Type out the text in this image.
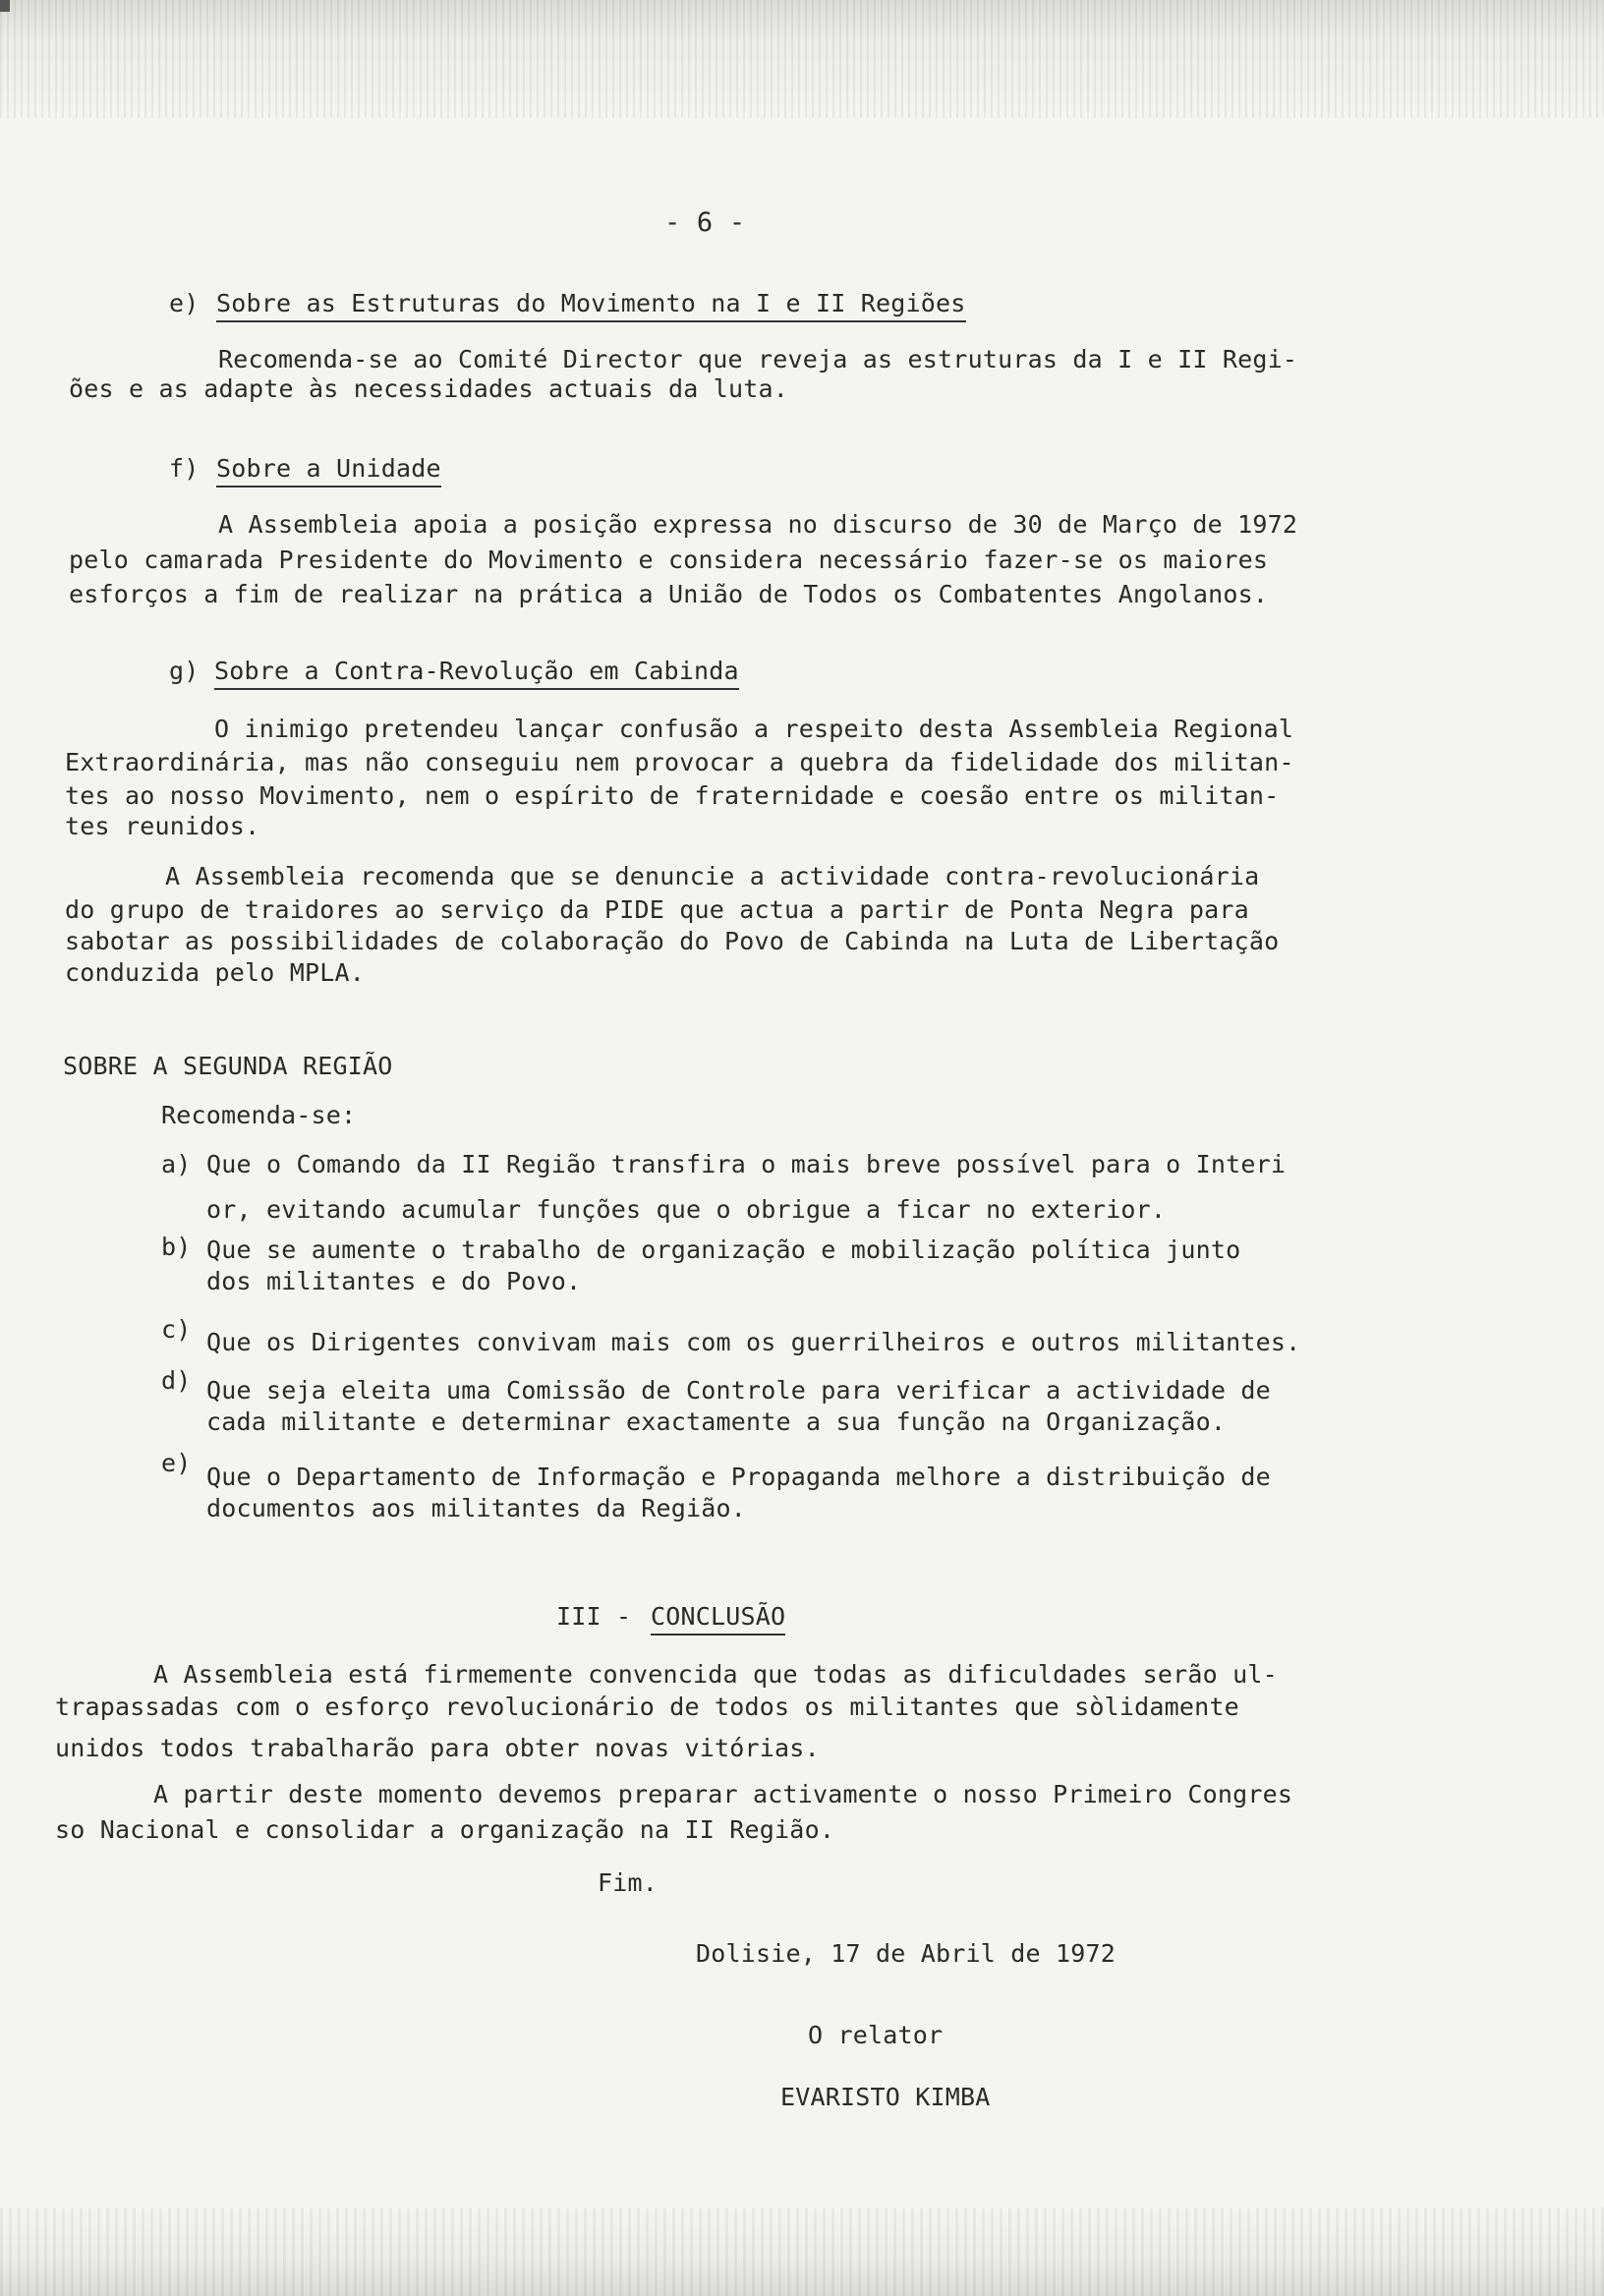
- 6 -
e) Sobre as Estruturas do Movimento na I e II Regiões
Recomenda-se ao Comité Director que reveja as estruturas da I e II Regi-
ões e as adapte às necessidades actuais da luta.
f) Sobre a Unidade
A Assembleia apoia a posição expressa no discurso de 30 de Março de 1972
pelo camarada Presidente do Movimento e considera necessário fazer-se os maiores
esforços a fim de realizar na prática a União de Todos os Combatentes Angolanos.
g) Sobre a Contra-Revolução em Cabinda
O inimigo pretendeu lançar confusão a respeito desta Assembleia Regional
Extraordinária, mas não conseguiu nem provocar a quebra da fidelidade dos militan-
tes ao nosso Movimento, nem o espírito de fraternidade e coesão entre os militan-
tes reunidos.
A Assembleia recomenda que se denuncie a actividade contra-revolucionária
do grupo de traidores ao serviço da PIDE que actua a partir de Ponta Negra para
sabotar as possibilidades de colaboração do Povo de Cabinda na Luta de Libertação
conduzida pelo MPLA.
SOBRE A SEGUNDA REGIÃO
Recomenda-se:
a) Que o Comando da II Região transfira o mais breve possível para o Interi
or, evitando acumular funções que o obrigue a ficar no exterior.
b) Que se aumente o trabalho de organização e mobilização política junto
dos militantes e do Povo.
c) Que os Dirigentes convivam mais com os guerrilheiros e outros militantes.
d) Que seja eleita uma Comissão de Controle para verificar a actividade de
cada militante e determinar exactamente a sua função na Organização.
e) Que o Departamento de Informação e Propaganda melhore a distribuição de
documentos aos militantes da Região.
III - CONCLUSÃO
A Assembleia está firmemente convencida que todas as dificuldades serão ul-
trapassadas com o esforço revolucionário de todos os militantes que sòlidamente
unidos todos trabalharão para obter novas vitórias.
A partir deste momento devemos preparar activamente o nosso Primeiro Congres
so Nacional e consolidar a organização na II Região.
Fim.
Dolisie, 17 de Abril de 1972
O relator
EVARISTO KIMBA
